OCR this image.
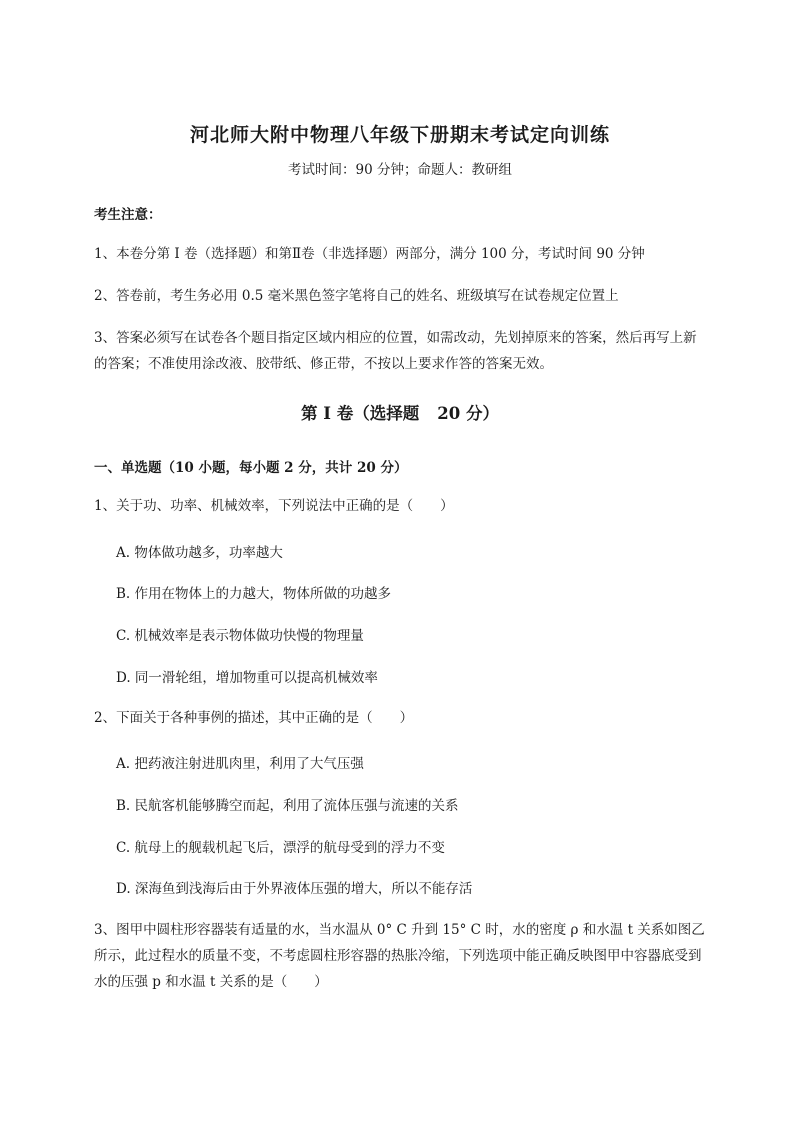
河北师大附中物理八年级下册期末考试定向训练
考试时间：90 分钟；命题人：教研组
考生注意：
1、本卷分第 I 卷（选择题）和第Ⅱ卷（非选择题）两部分，满分 100 分，考试时间 90 分钟
2、答卷前，考生务必用 0.5 毫米黑色签字笔将自己的姓名、班级填写在试卷规定位置上
3、答案必须写在试卷各个题目指定区域内相应的位置，如需改动，先划掉原来的答案，然后再写上新的答案；不准使用涂改液、胶带纸、修正带，不按以上要求作答的答案无效。
第 I 卷（选择题 20 分）
一、单选题（10 小题，每小题 2 分，共计 20 分）
1、关于功、功率、机械效率，下列说法中正确的是（　　）
A. 物体做功越多，功率越大
B. 作用在物体上的力越大，物体所做的功越多
C. 机械效率是表示物体做功快慢的物理量
D. 同一滑轮组，增加物重可以提高机械效率
2、下面关于各种事例的描述，其中正确的是（　　）
A. 把药液注射进肌肉里，利用了大气压强
B. 民航客机能够腾空而起，利用了流体压强与流速的关系
C. 航母上的舰载机起飞后，漂浮的航母受到的浮力不变
D. 深海鱼到浅海后由于外界液体压强的增大，所以不能存活
3、图甲中圆柱形容器装有适量的水，当水温从 0° C 升到 15° C 时，水的密度 ρ 和水温 t 关系如图乙所示，此过程水的质量不变，不考虑圆柱形容器的热胀冷缩，下列选项中能正确反映图甲中容器底受到水的压强 p 和水温 t 关系的是（　　）
